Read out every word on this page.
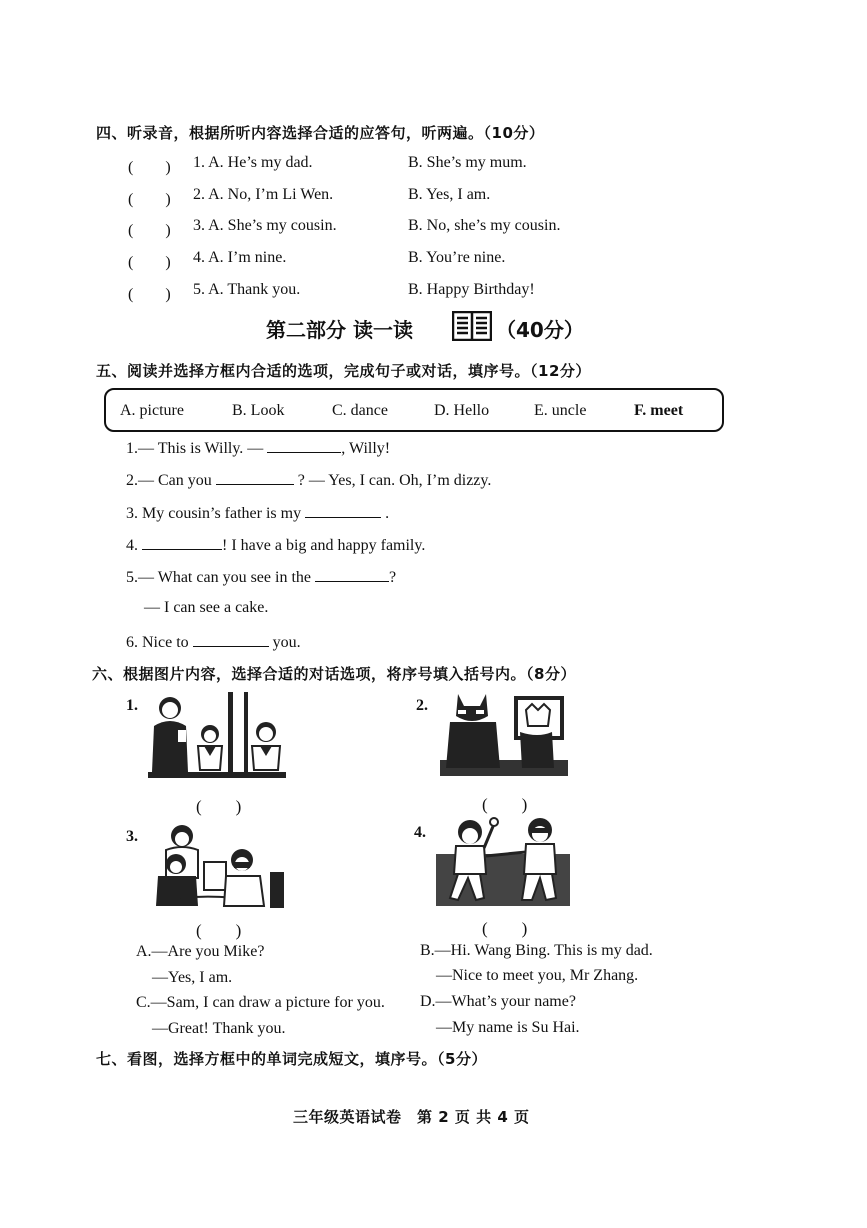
四、听录音，根据所听内容选择合适的应答句，听两遍。（10分）
(　　) 1. A. He’s my dad.	B. She’s my mum.
(　　) 2. A. No, I’m Li Wen.	B. Yes, I am.
(　　) 3. A. She’s my cousin.	B. No, she’s my cousin.
(　　) 4. A. I’m nine.	B. You’re nine.
(　　) 5. A. Thank you.	B. Happy Birthday!
第二部分 读一读	（40分）
五、阅读并选择方框内合适的选项，完成句子或对话，填序号。（12分）
A. picture	B. Look	C. dance	D. Hello	E. uncle	F. meet
1.— This is Willy. —	, Willy!
2.— Can you	? — Yes, I can. Oh, I’m dizzy.
3. My cousin’s father is my	.
4.	! I have a big and happy family.
5.— What can you see in the	?
— I can see a cake.
6. Nice to	you.
六、根据图片内容，选择合适的对话选项，将序号填入括号内。（8分）
1.
(　　)
2.
(　　)
3.
(　　)
4.
(　　)
A.—Are you Mike?
—Yes, I am.
B.—Hi. Wang Bing. This is my dad.
—Nice to meet you, Mr Zhang.
C.—Sam, I can draw a picture for you.
—Great! Thank you.
D.—What’s your name?
—My name is Su Hai.
七、看图，选择方框中的单词完成短文，填序号。（5分）
三年级英语试卷　第 2 页 共 4 页
